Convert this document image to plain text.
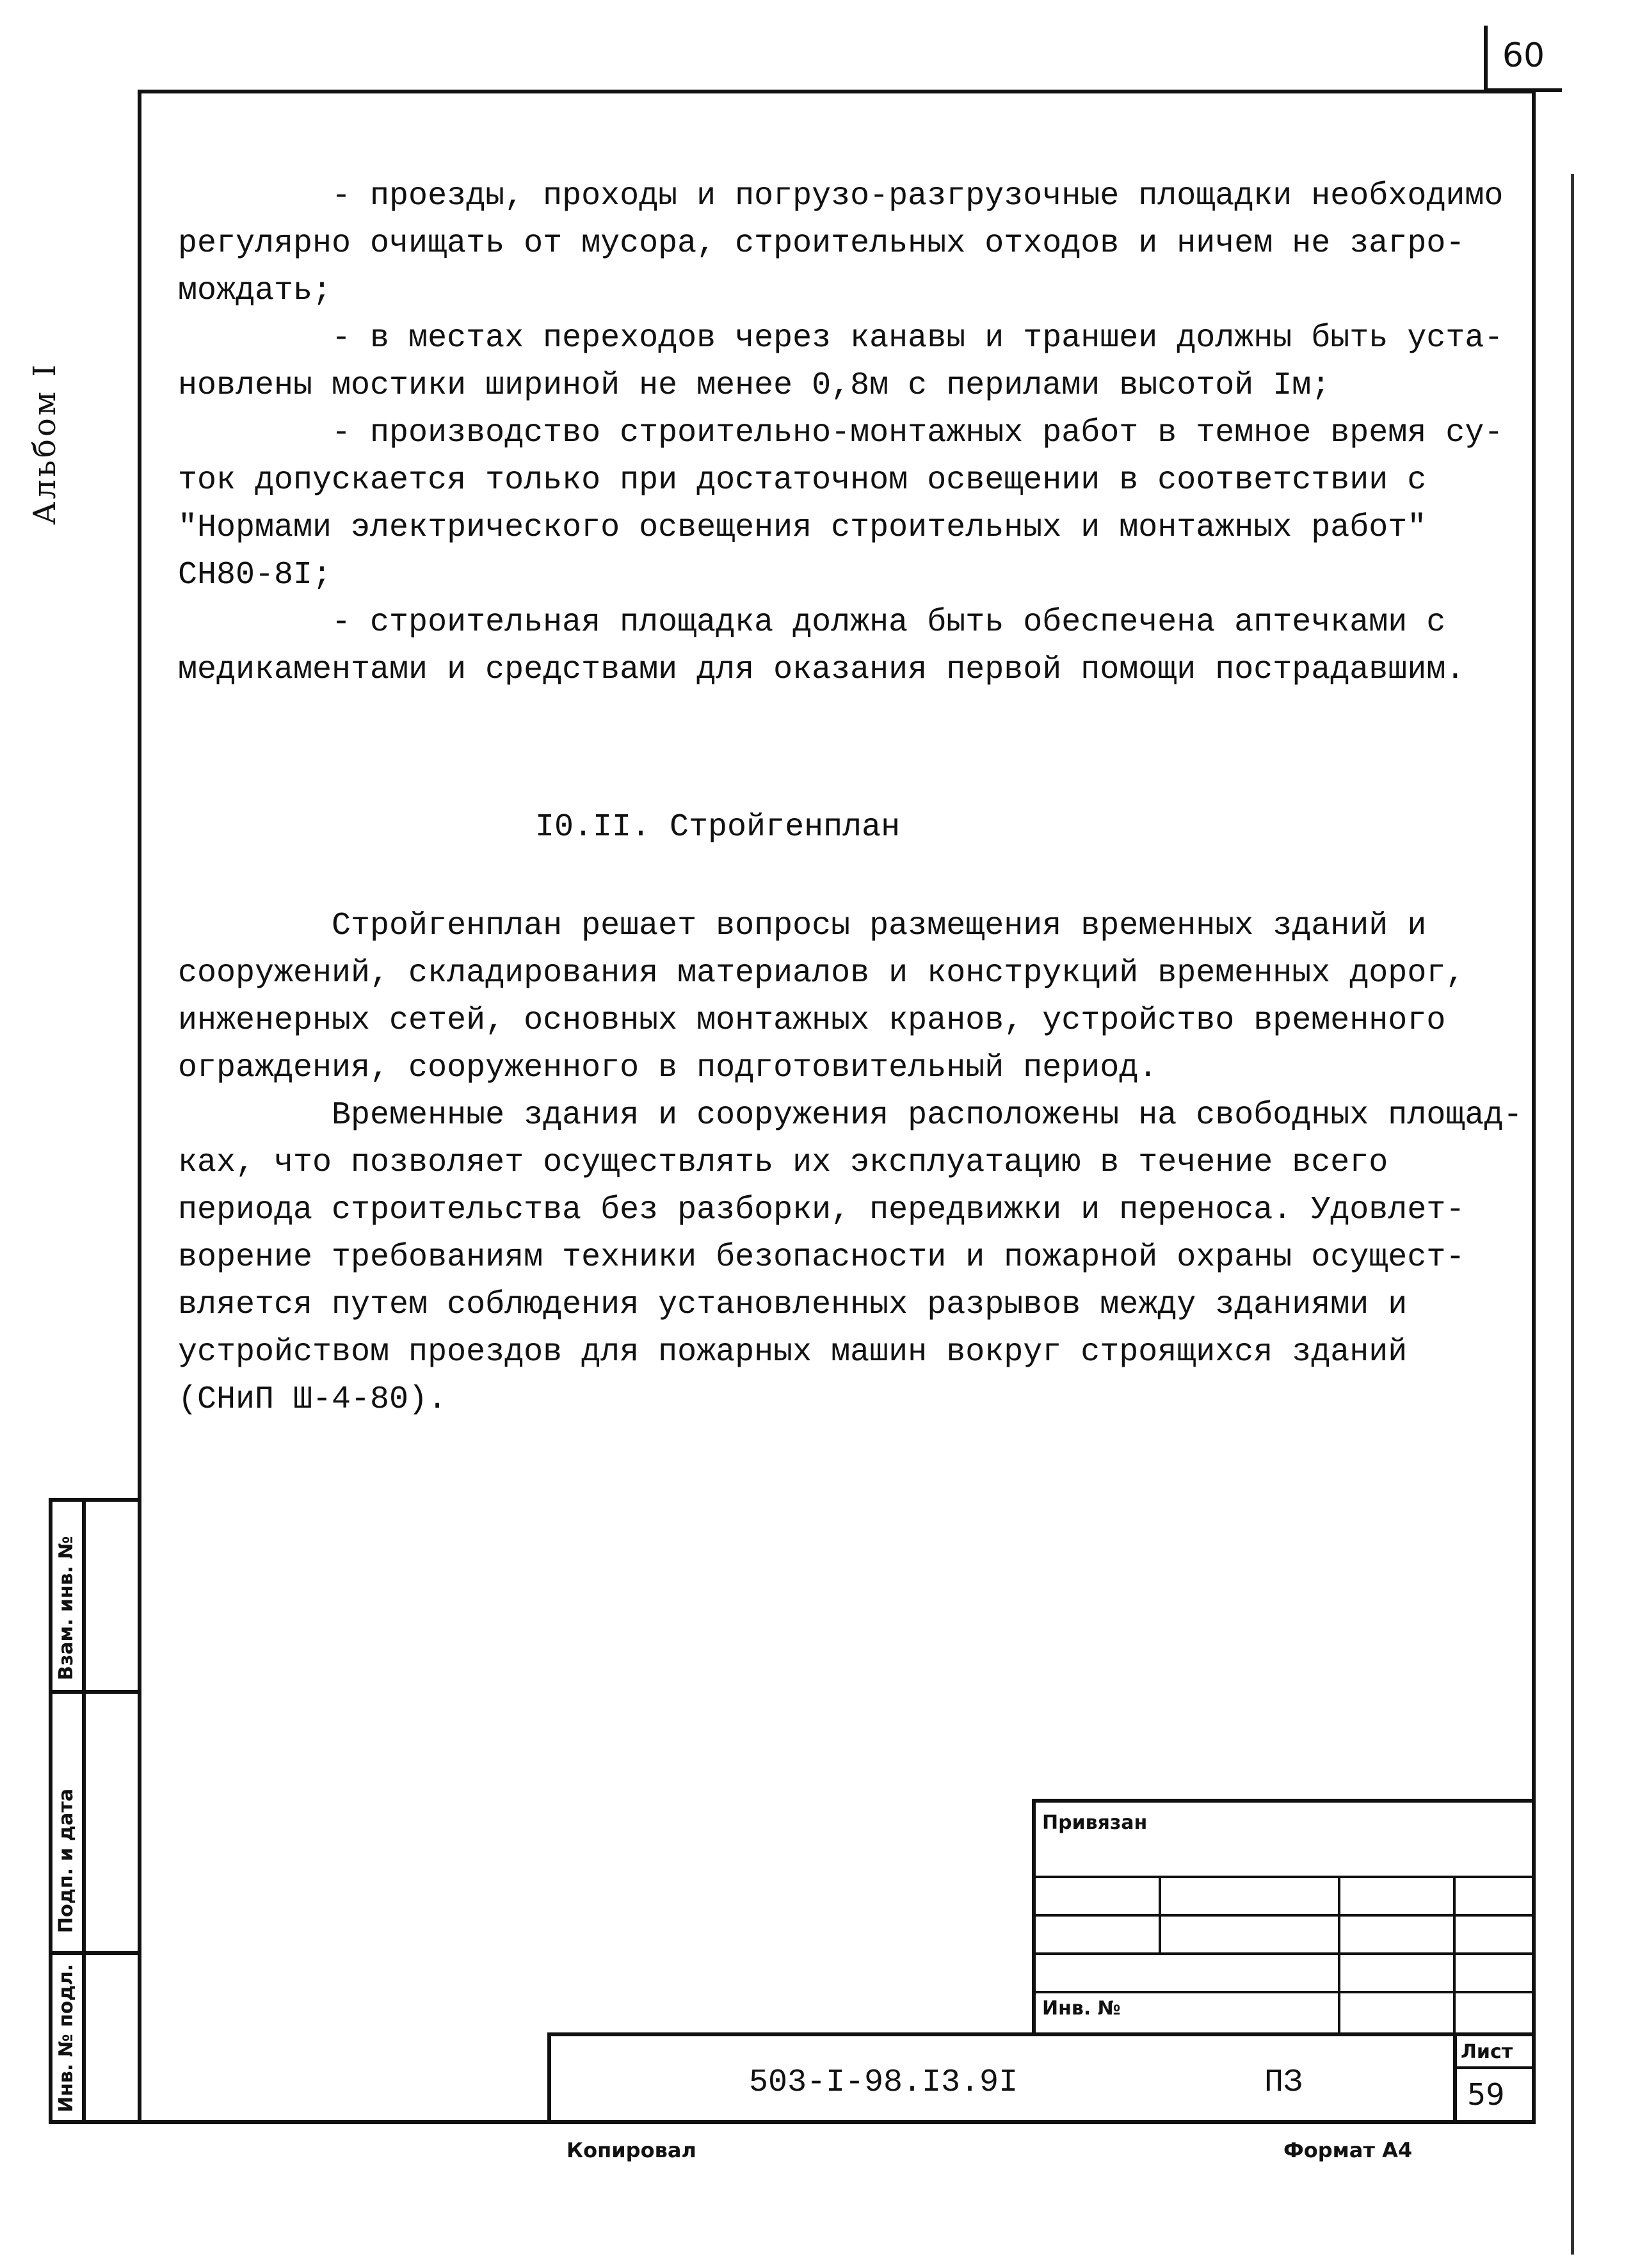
60
Альбом I
Взам. инв. №
Подп. и дата
Инв. № подл.
- проезды, проходы и погрузо-разгрузочные площадки необходимо
регулярно очищать от мусора, строительных отходов и ничем не загро-
мождать;
- в местах переходов через канавы и траншеи должны быть уста-
новлены мостики шириной не менее 0,8м с перилами высотой Iм;
- производство строительно-монтажных работ в темное время су-
ток допускается только при достаточном освещении в соответствии с
"Нормами электрического освещения строительных и монтажных работ"
СН80-8I;
- строительная площадка должна быть обеспечена аптечками с
медикаментами и средствами для оказания первой помощи пострадавшим.
I0.II. Стройгенплан
Стройгенплан решает вопросы размещения временных зданий и
сооружений, складирования материалов и конструкций временных дорог,
инженерных сетей, основных монтажных кранов, устройство временного
ограждения, сооруженного в подготовительный период.
Временные здания и сооружения расположены на свободных площад-
ках, что позволяет осуществлять их эксплуатацию в течение всего
периода строительства без разборки, передвижки и переноса. Удовлет-
ворение требованиям техники безопасности и пожарной охраны осущест-
вляется путем соблюдения установленных разрывов между зданиями и
устройством проездов для пожарных машин вокруг строящихся зданий
(СНиП Ш-4-80).
Привязан
Инв. №
503-I-98.I3.9I	ПЗ
Лист
59
Копировал	Формат А4
